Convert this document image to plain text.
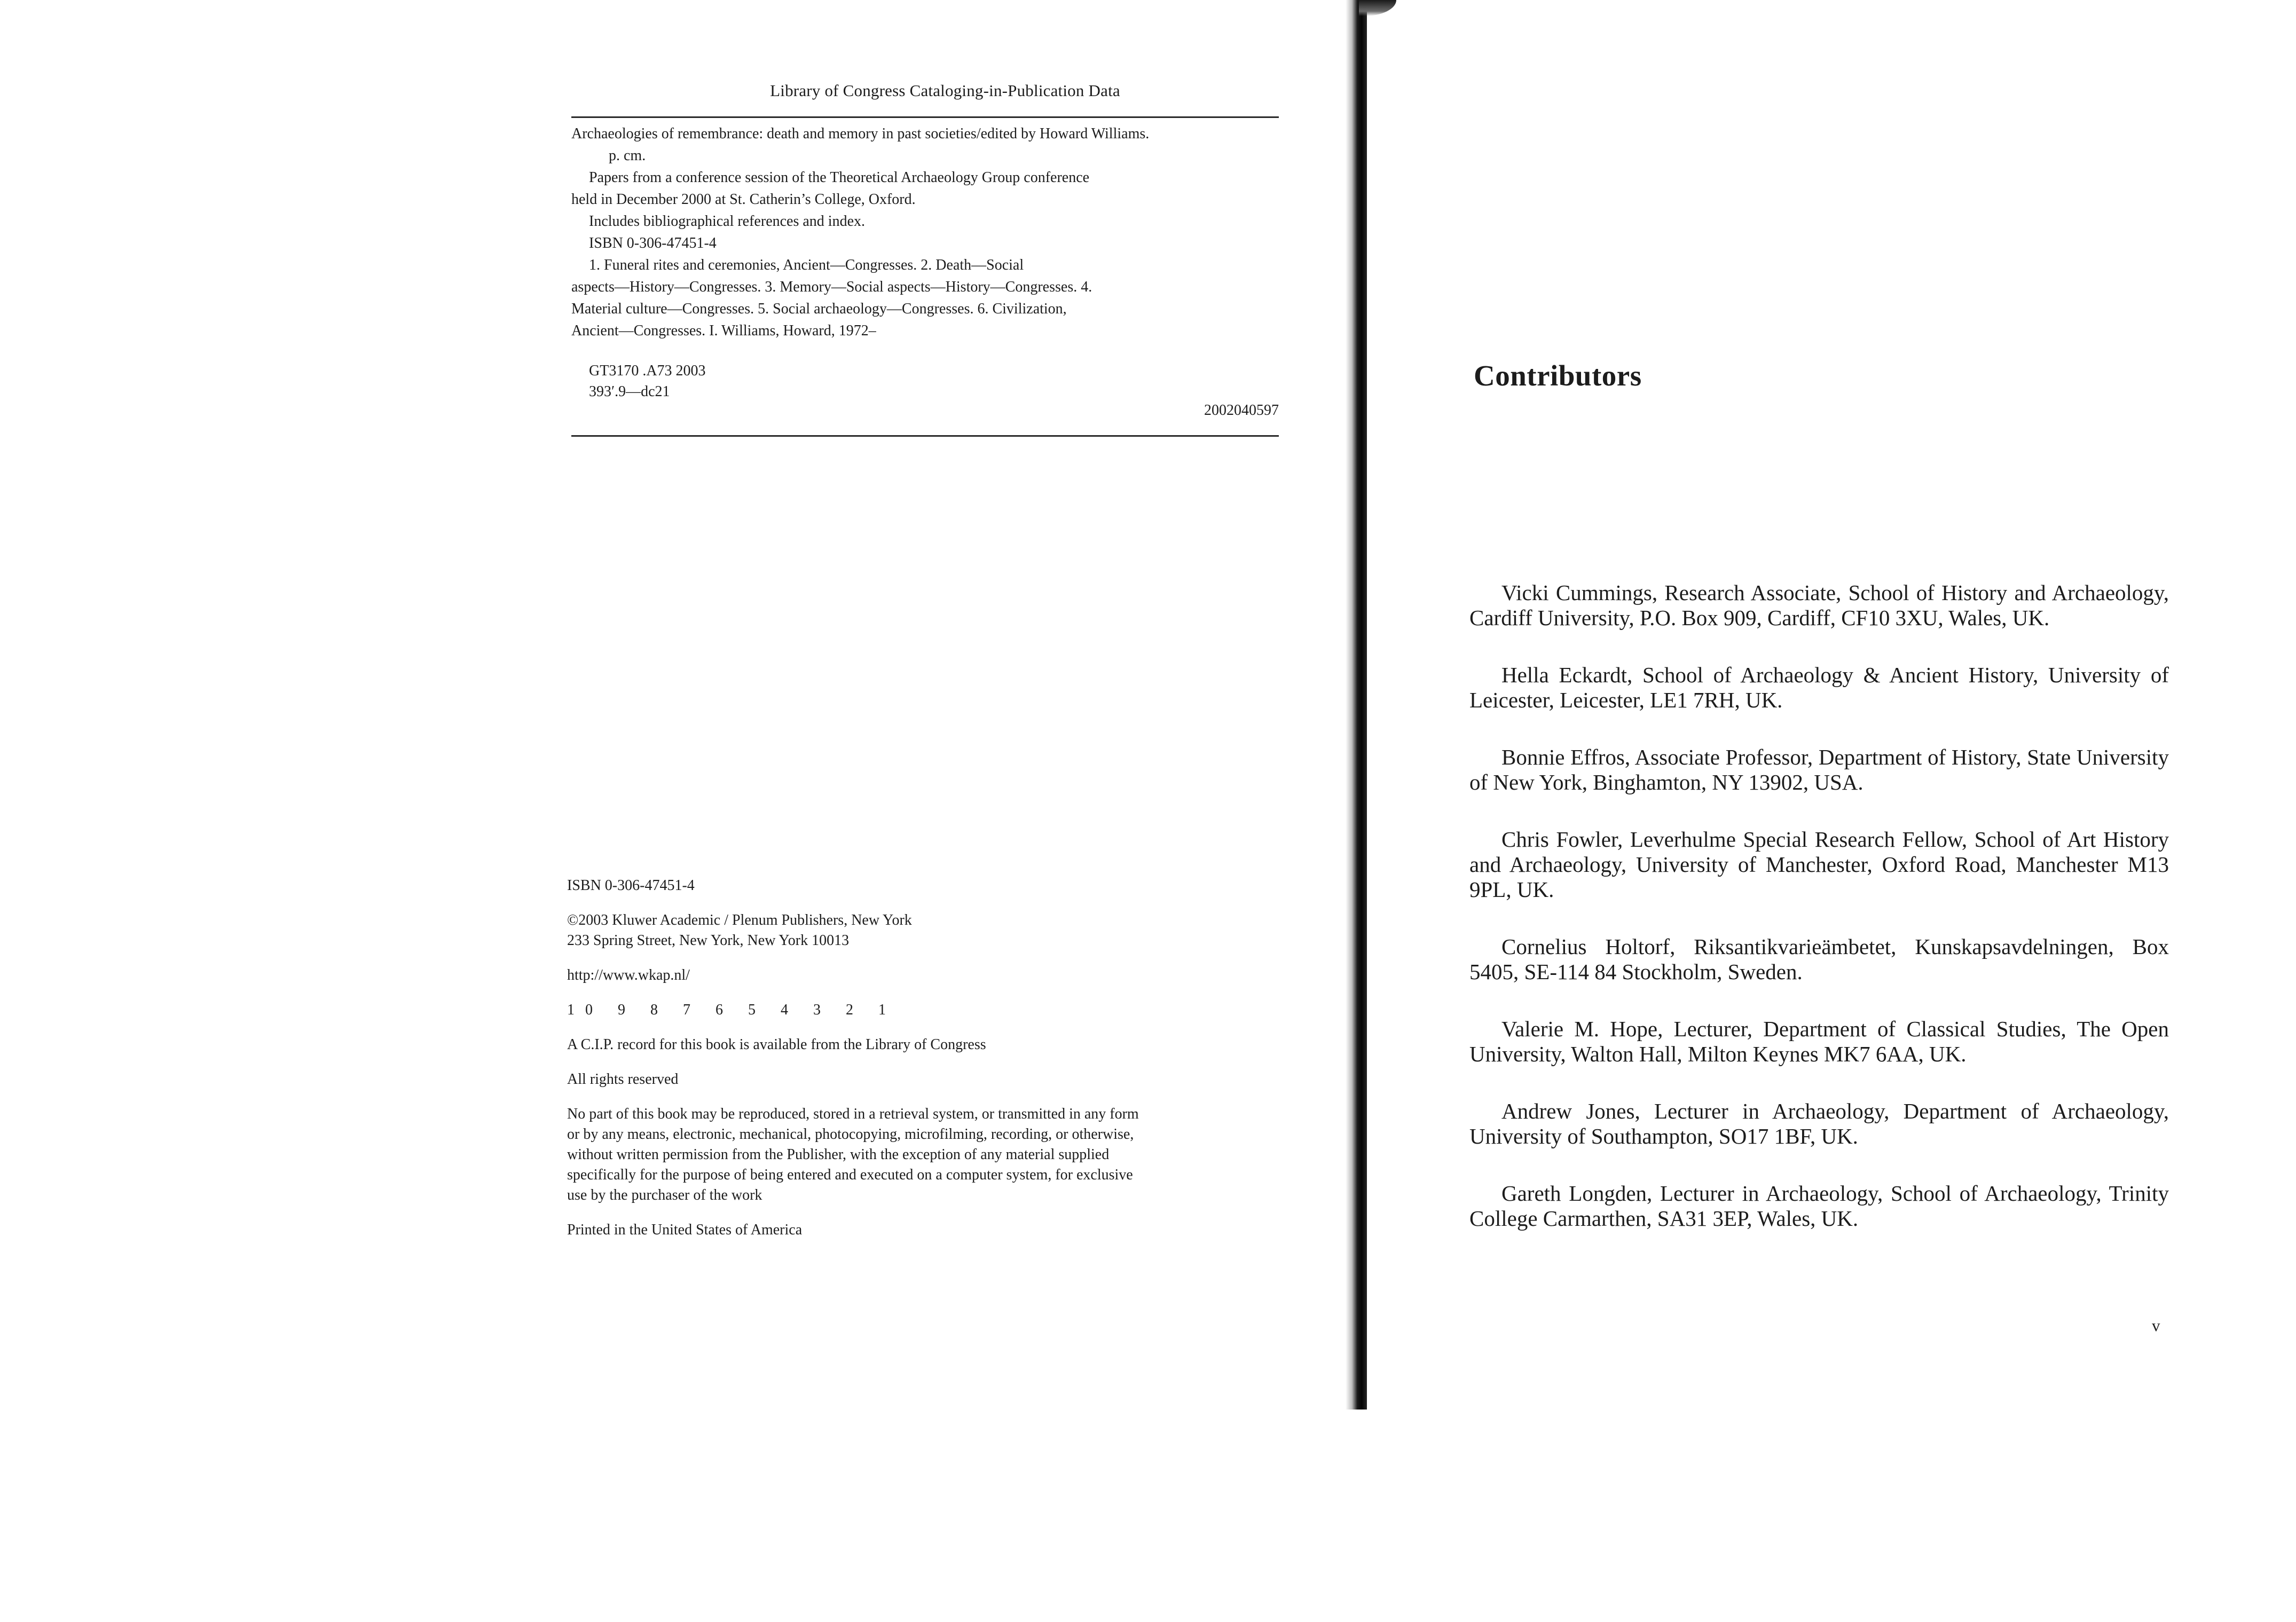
Library of Congress Cataloging-in-Publication Data
Archaeologies of remembrance: death and memory in past societies/edited by Howard Williams.
p. cm.
Papers from a conference session of the Theoretical Archaeology Group conference
held in December 2000 at St. Catherin’s College, Oxford.
Includes bibliographical references and index.
ISBN 0-306-47451-4
1. Funeral rites and ceremonies, Ancient—Congresses. 2. Death—Social
aspects—History—Congresses. 3. Memory—Social aspects—History—Congresses. 4.
Material culture—Congresses. 5. Social archaeology—Congresses. 6. Civilization,
Ancient—Congresses. I. Williams, Howard, 1972–
GT3170 .A73 2003
393′.9—dc21
2002040597
ISBN 0-306-47451-4
©2003 Kluwer Academic / Plenum Publishers, New York
233 Spring Street, New York, New York 10013
http://www.wkap.nl/
10 9 8 7 6 5 4 3 2 1
A C.I.P. record for this book is available from the Library of Congress
All rights reserved
No part of this book may be reproduced, stored in a retrieval system, or transmitted in any form
or by any means, electronic, mechanical, photocopying, microfilming, recording, or otherwise,
without written permission from the Publisher, with the exception of any material supplied
specifically for the purpose of being entered and executed on a computer system, for exclusive
use by the purchaser of the work
Printed in the United States of America
Contributors

Vicki Cummings, Research Associate, School of History and Archaeology, Cardiff University, P.O. Box 909, Cardiff, CF10 3XU, Wales, UK.

Hella Eckardt, School of Archaeology & Ancient History, University of Leicester, Leicester, LE1 7RH, UK.

Bonnie Effros, Associate Professor, Department of History, State University of New York, Binghamton, NY 13902, USA.

Chris Fowler, Leverhulme Special Research Fellow, School of Art History and Archaeology, University of Manchester, Oxford Road, Manchester M13 9PL, UK.

Cornelius Holtorf, Riksantikvarieämbetet, Kunskapsavdelningen, Box 5405, SE-114 84 Stockholm, Sweden.

Valerie M. Hope, Lecturer, Department of Classical Studies, The Open University, Walton Hall, Milton Keynes MK7 6AA, UK.

Andrew Jones, Lecturer in Archaeology, Department of Archaeology, University of Southampton, SO17 1BF, UK.

Gareth Longden, Lecturer in Archaeology, School of Archaeology, Trinity College Carmarthen, SA31 3EP, Wales, UK.

v
